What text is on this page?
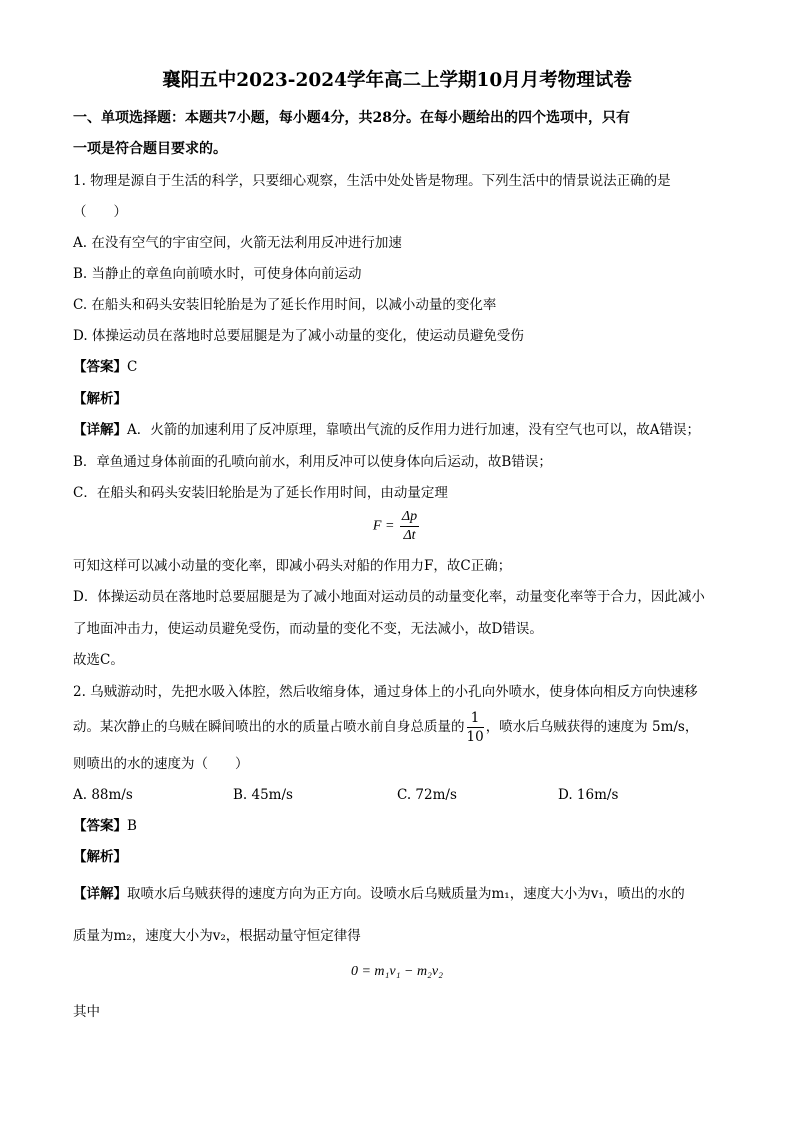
襄阳五中2023-2024学年高二上学期10月月考物理试卷
一、单项选择题：本题共7小题，每小题4分，共28分。在每小题给出的四个选项中，只有
一项是符合题目要求的。
1. 物理是源自于生活的科学，只要细心观察，生活中处处皆是物理。下列生活中的情景说法正确的是
（　　）
A. 在没有空气的宇宙空间，火箭无法利用反冲进行加速
B. 当静止的章鱼向前喷水时，可使身体向前运动
C. 在船头和码头安装旧轮胎是为了延长作用时间，以减小动量的变化率
D. 体操运动员在落地时总要屈腿是为了减小动量的变化，使运动员避免受伤
【答案】C
【解析】
【详解】A．火箭的加速利用了反冲原理，靠喷出气流的反作用力进行加速，没有空气也可以，故A错误；
B．章鱼通过身体前面的孔喷向前水，利用反冲可以使身体向后运动，故B错误；
C．在船头和码头安装旧轮胎是为了延长作用时间，由动量定理
$F = \frac{\Delta p}{\Delta t}$
可知这样可以减小动量的变化率，即减小码头对船的作用力F，故C正确；
D．体操运动员在落地时总要屈腿是为了减小地面对运动员的动量变化率，动量变化率等于合力，因此减小
了地面冲击力，使运动员避免受伤，而动量的变化不变，无法减小，故D错误。
故选C。
2. 乌贼游动时，先把水吸入体腔，然后收缩身体，通过身体上的小孔向外喷水，使身体向相反方向快速移
动。某次静止的乌贼在瞬间喷出的水的质量占喷水前自身总质量的 $\frac{1}{10}$ ，喷水后乌贼获得的速度为 5m/s，
则喷出的水的速度为（　　）
A. 88m/s	B. 45m/s	C. 72m/s	D. 16m/s
【答案】B
【解析】
【详解】取喷水后乌贼获得的速度方向为正方向。设喷水后乌贼质量为m₁，速度大小为v₁，喷出的水的
质量为m₂，速度大小为v₂，根据动量守恒定律得
0 = m₁v₁ − m₂v₂
其中
